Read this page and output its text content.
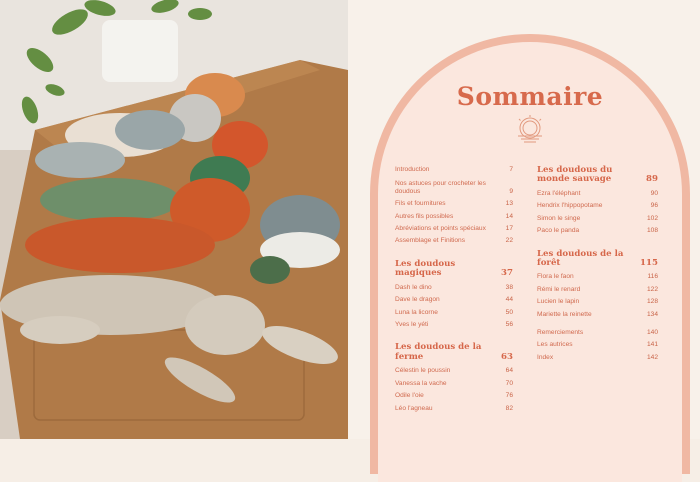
Sommaire
Introduction	7
Nos astuces pour crocheter les doudous	9
Fils et fournitures	13
Autres fils possibles	14
Abréviations et points spéciaux	17
Assemblage et Finitions	22
Les doudous magiques	37
Dash le dino	38
Dave le dragon	44
Luna la licorne	50
Yves le yéti	56
Les doudous de la ferme	63
Célestin le poussin	64
Vanessa la vache	70
Odile l'oie	76
Léo l'agneau	82
Les doudous du monde sauvage	89
Ezra l'éléphant	90
Hendrix l'hippopotame	96
Simon le singe	102
Paco le panda	108
Les doudous de la forêt	115
Flora le faon	116
Rémi le renard	122
Lucien le lapin	128
Mariette la reinette	134
Remerciements	140
Les autrices	141
Index	142
